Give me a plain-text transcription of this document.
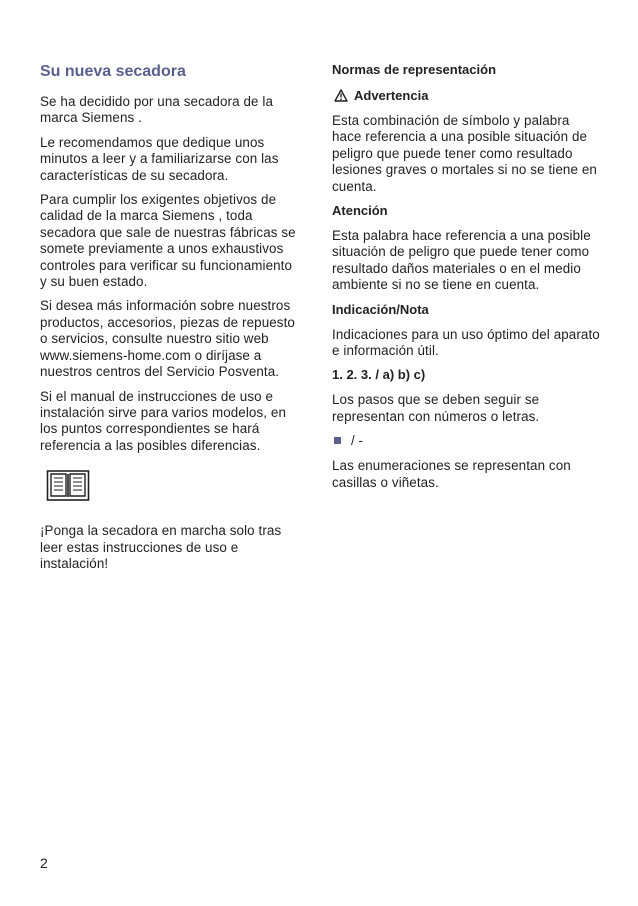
Su nueva secadora

Se ha decidido por una secadora de la marca Siemens .

Le recomendamos que dedique unos minutos a leer y a familiarizarse con las características de su secadora.

Para cumplir los exigentes objetivos de calidad de la marca Siemens , toda secadora que sale de nuestras fábricas se somete previamente a unos exhaustivos controles para verificar su funcionamiento y su buen estado.

Si desea más información sobre nuestros productos, accesorios, piezas de repuesto o servicios, consulte nuestro sitio web www.siemens-home.com o diríjase a nuestros centros del Servicio Posventa.

Si el manual de instrucciones de uso e instalación sirve para varios modelos, en los puntos correspondientes se hará referencia a las posibles diferencias.

¡Ponga la secadora en marcha solo tras leer estas instrucciones de uso e instalación!

Normas de representación
Advertencia

Esta combinación de símbolo y palabra hace referencia a una posible situación de peligro que puede tener como resultado lesiones graves o mortales si no se tiene en cuenta.

Atención

Esta palabra hace referencia a una posible situación de peligro que puede tener como resultado daños materiales o en el medio ambiente si no se tiene en cuenta.

Indicación/Nota

Indicaciones para un uso óptimo del aparato e información útil.

1. 2. 3. / a) b) c)

Los pasos que se deben seguir se representan con números o letras.

/ -

Las enumeraciones se representan con casillas o viñetas.

2
